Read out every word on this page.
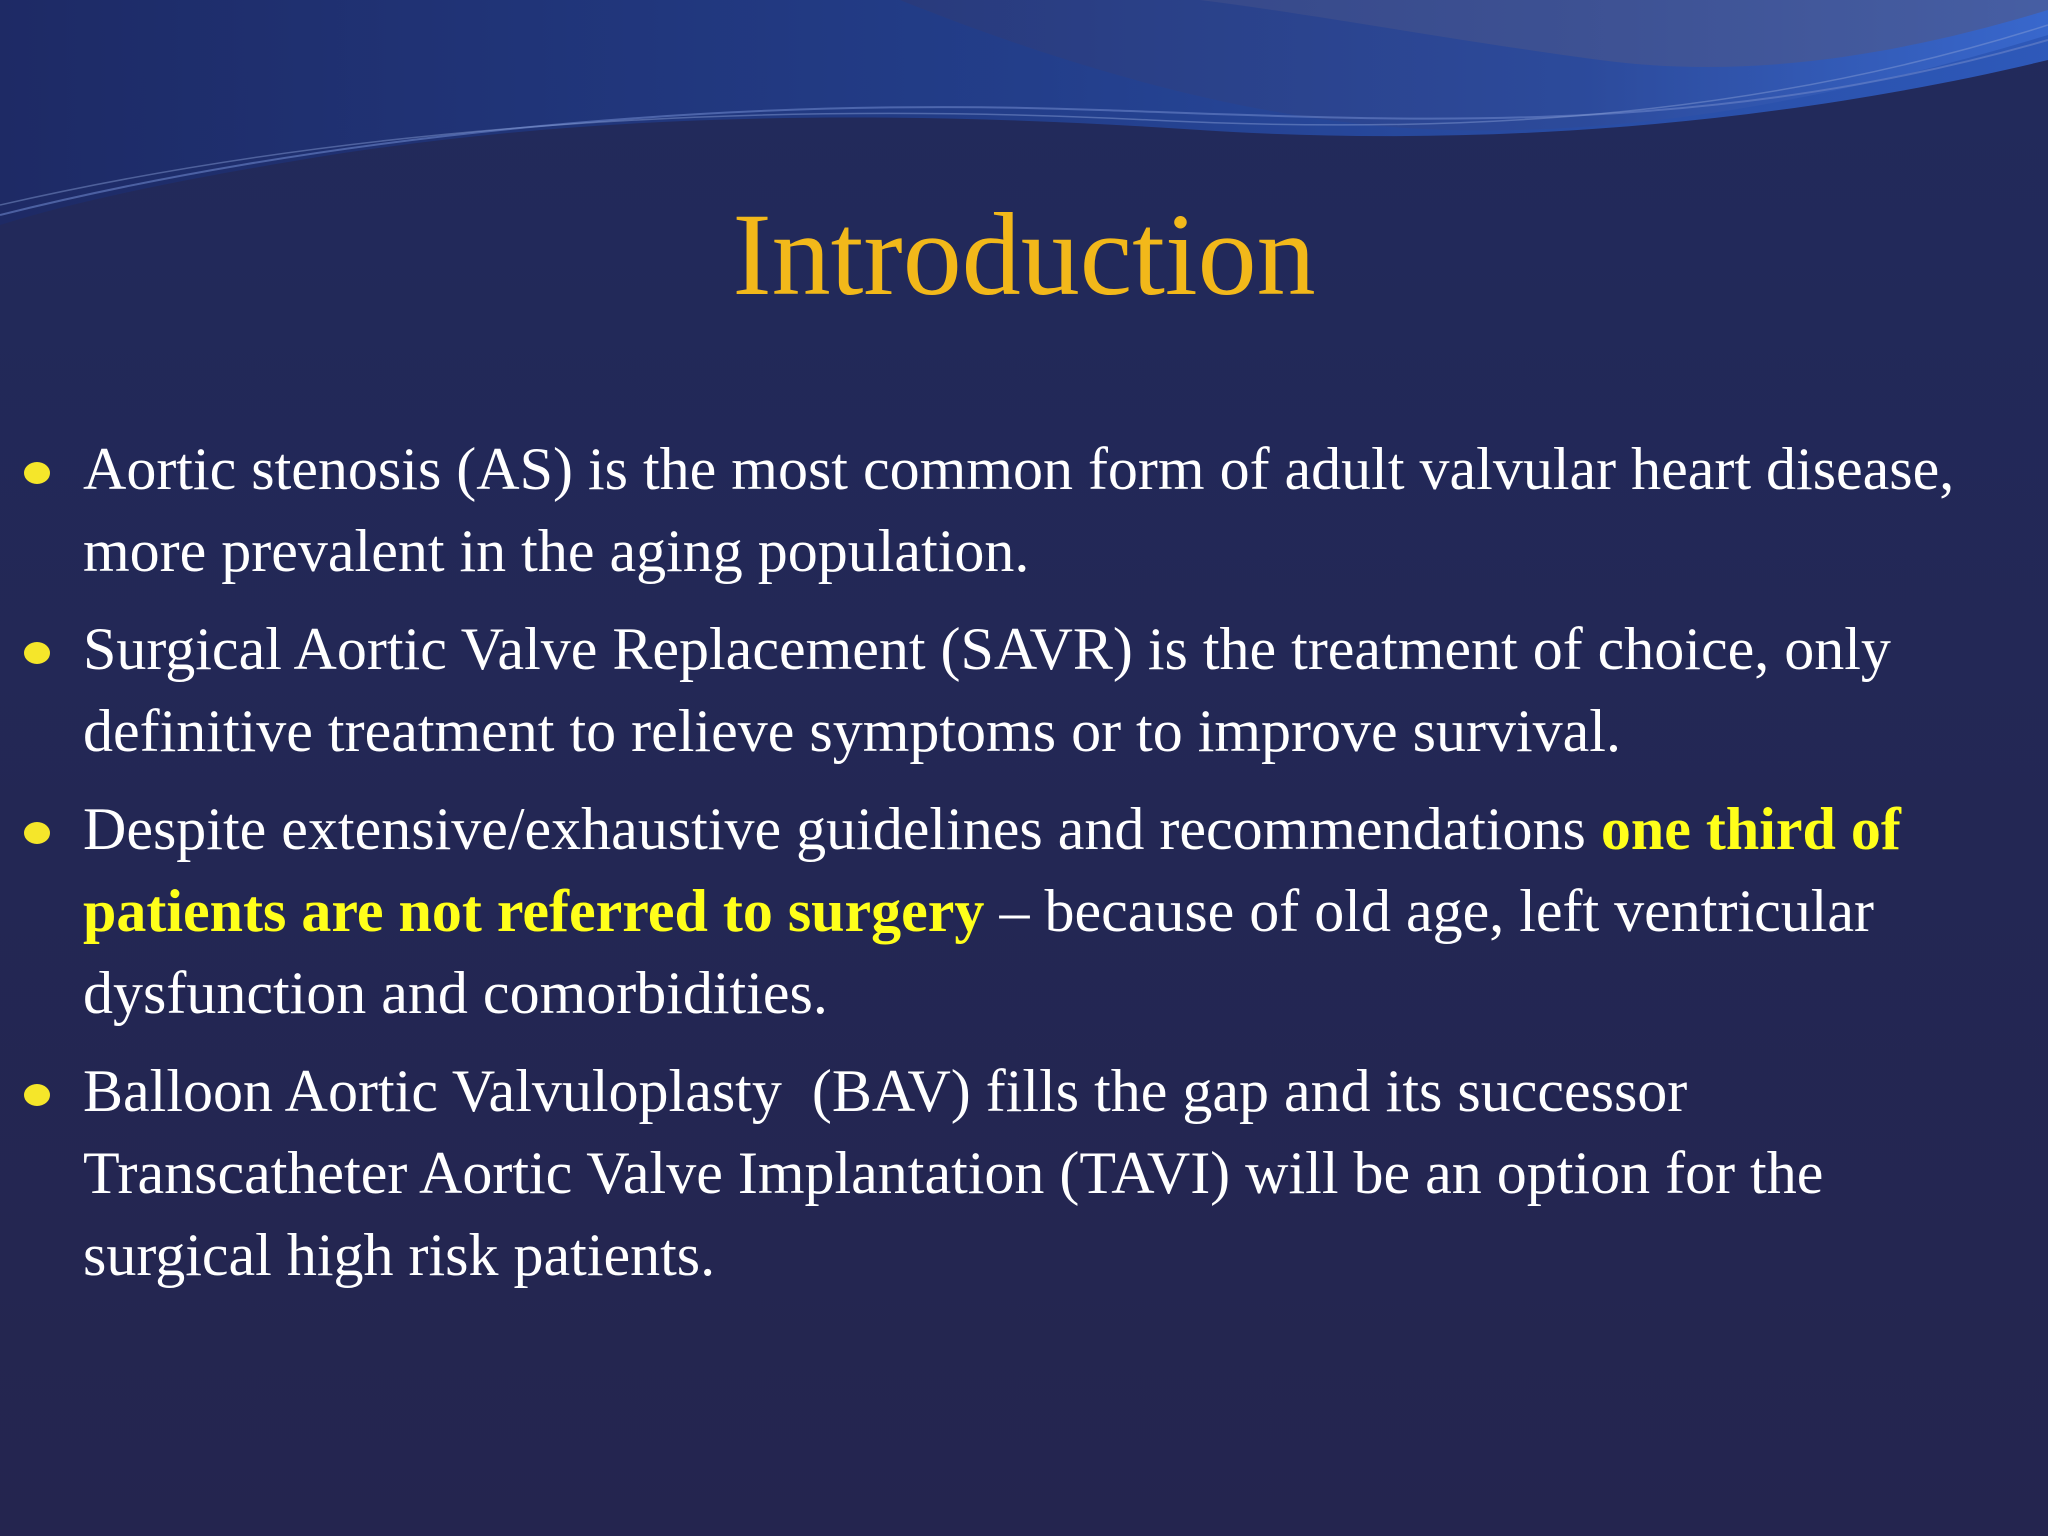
Introduction
Aortic stenosis (AS) is the most common form of adult valvular heart disease, more prevalent in the aging population.
Surgical Aortic Valve Replacement (SAVR) is the treatment of choice, only definitive treatment to relieve symptoms or to improve survival.
Despite extensive/exhaustive guidelines and recommendations one third of patients are not referred to surgery – because of old age, left ventricular dysfunction and comorbidities.
Balloon Aortic Valvuloplasty  (BAV) fills the gap and its successor Transcatheter Aortic Valve Implantation (TAVI) will be an option for the surgical high risk patients.
